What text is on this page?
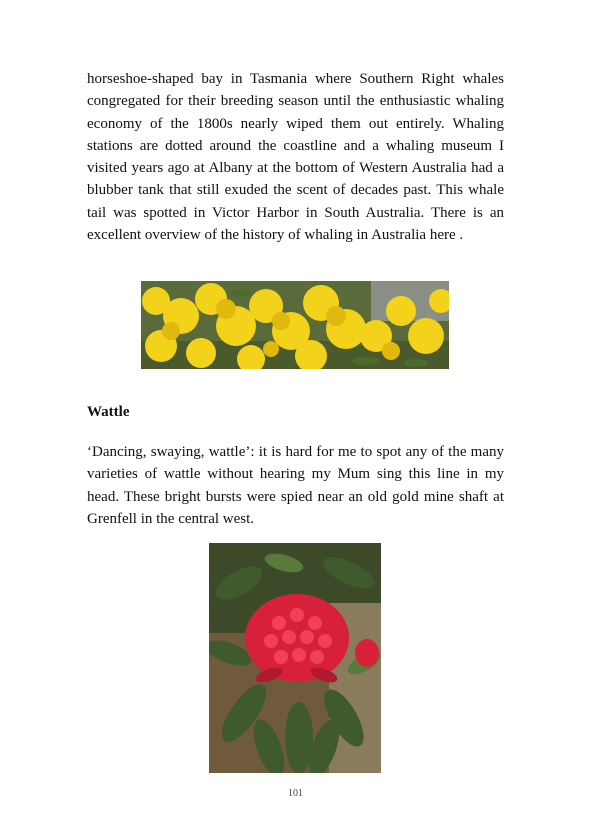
horseshoe-shaped bay in Tasmania where Southern Right whales congregated for their breeding season until the enthusiastic whaling economy of the 1800s nearly wiped them out entirely. Whaling stations are dotted around the coastline and a whaling museum I visited years ago at Albany at the bottom of Western Australia had a blubber tank that still exuded the scent of decades past. This whale tail was spotted in Victor Harbor in South Australia. There is an excellent overview of the history of whaling in Australia here .

Wattle

‘Dancing, swaying, wattle’: it is hard for me to spot any of the many varieties of wattle without hearing my Mum sing this line in my head. These bright bursts were spied near an old gold mine shaft at Grenfell in the central west.

101
